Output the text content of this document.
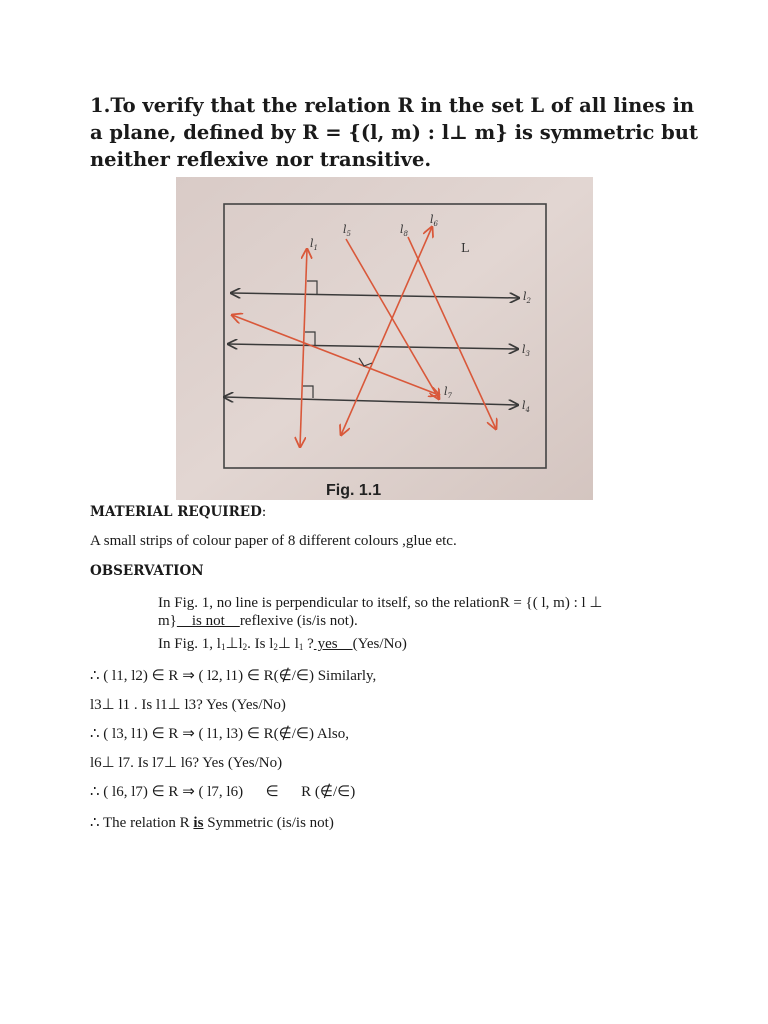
1.To verify that the relation R in the set L of all lines in a plane, defined by R = {(l, m) : l⊥ m} is symmetric but neither reflexive nor transitive.
$l_1$
$l_2$
$l_3$
$l_4$
$l_5$
$l_6$
$l_7$
$l_8$
L
Fig. 1.1
MATERIAL REQUIRED:
A small strips of colour paper of 8 different colours ,glue etc.
OBSERVATION
In Fig. 1, no line is perpendicular to itself, so the relationR = {( l, m) : l ⊥
m}    is not    reflexive (is/is not).
In Fig. 1, $l_1\perp l_2$. Is $l_2\perp$ $l_1$ ? yes    (Yes/No)
∴ ( l1, l2) ∈ R ⇒ ( l2, l1) ∈ R(∉/∈) Similarly,
l3⊥ l1 . Is l1⊥ l3? Yes (Yes/No)
∴ ( l3, l1) ∈ R ⇒ ( l1, l3) ∈ R(∉/∈) Also,
l6⊥ l7. Is l7⊥ l6? Yes (Yes/No)
∴ ( l6, l7) ∈ R ⇒ ( l7, l6)      ∈      R (∉/∈)
∴ The relation R is Symmetric (is/is not)
